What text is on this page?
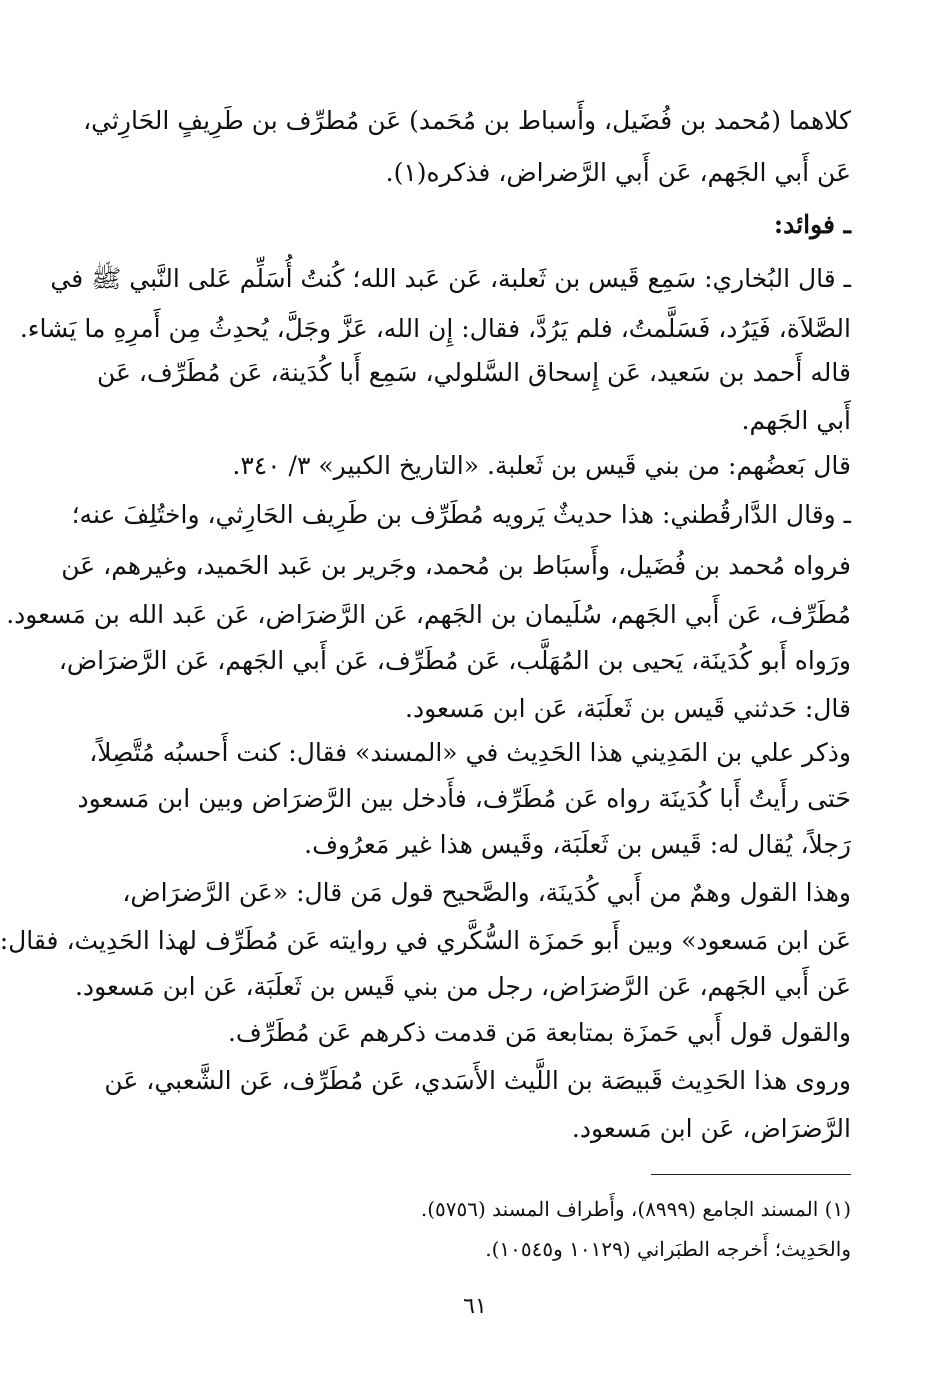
كلاهما (مُحمد بن فُضَيل، وأَسباط بن مُحَمد) عَن مُطرِّف بن طَرِيفٍ الحَارِثي،
عَن أَبي الجَهم، عَن أَبي الرَّضراض، فذكره(١).
ـ فوائد:
ـ قال البُخاري: سَمِع قَيس بن ثَعلبة، عَن عَبد الله؛ كُنتُ أُسَلِّم عَلى النَّبي ﷺ في
الصَّلاَة، فَيَرُد، فَسَلَّمتُ، فلم يَرُدَّ، فقال: إِن الله، عَزَّ وجَلَّ، يُحدِثُ مِن أَمرِهِ ما يَشاء.
قاله أَحمد بن سَعيد، عَن إِسحاق السَّلولي، سَمِع أَبا كُدَينة، عَن مُطَرِّف، عَن
أَبي الجَهم.
قال بَعضُهم: من بني قَيس بن ثَعلبة. «التاريخ الكبير» ٣/ ٣٤٠.
ـ وقال الدَّارقُطني: هذا حديثٌ يَرويه مُطَرِّف بن طَرِيف الحَارِثي، واختُلِفَ عنه؛
فرواه مُحمد بن فُضَيل، وأَسبَاط بن مُحمد، وجَرير بن عَبد الحَميد، وغيرهم، عَن
مُطَرِّف، عَن أَبي الجَهم، سُلَيمان بن الجَهم، عَن الرَّضرَاض، عَن عَبد الله بن مَسعود.
ورَواه أَبو كُدَينَة، يَحيى بن المُهَلَّب، عَن مُطَرِّف، عَن أَبي الجَهم، عَن الرَّضرَاض،
قال: حَدثني قَيس بن ثَعلَبَة، عَن ابن مَسعود.
وذكر علي بن المَدِيني هذا الحَدِيث في «المسند» فقال: كنت أَحسبُه مُتَّصِلاً،
حَتى رأَيتُ أَبا كُدَينَة رواه عَن مُطَرِّف، فأَدخل بين الرَّضرَاض وبين ابن مَسعود
رَجلاً، يُقال له: قَيس بن ثَعلَبَة، وقَيس هذا غير مَعرُوف.
وهذا القول وهمٌ من أَبي كُدَينَة، والصَّحيح قول مَن قال: «عَن الرَّضرَاض،
عَن ابن مَسعود» وبين أَبو حَمزَة السُّكَّري في روايته عَن مُطَرِّف لهذا الحَدِيث، فقال:
عَن أَبي الجَهم، عَن الرَّضرَاض، رجل من بني قَيس بن ثَعلَبَة، عَن ابن مَسعود.
والقول قول أَبي حَمزَة بمتابعة مَن قدمت ذكرهم عَن مُطَرِّف.
وروى هذا الحَدِيث قَبيصَة بن اللَّيث الأَسَدي، عَن مُطَرِّف، عَن الشَّعبي، عَن
الرَّضرَاض، عَن ابن مَسعود.
(١) المسند الجامع (٨٩٩٩)، وأَطراف المسند (٥٧٥٦).
والحَدِيث؛ أَخرجه الطبَراني (١٠١٢٩ و١٠٥٤٥).
٦١
